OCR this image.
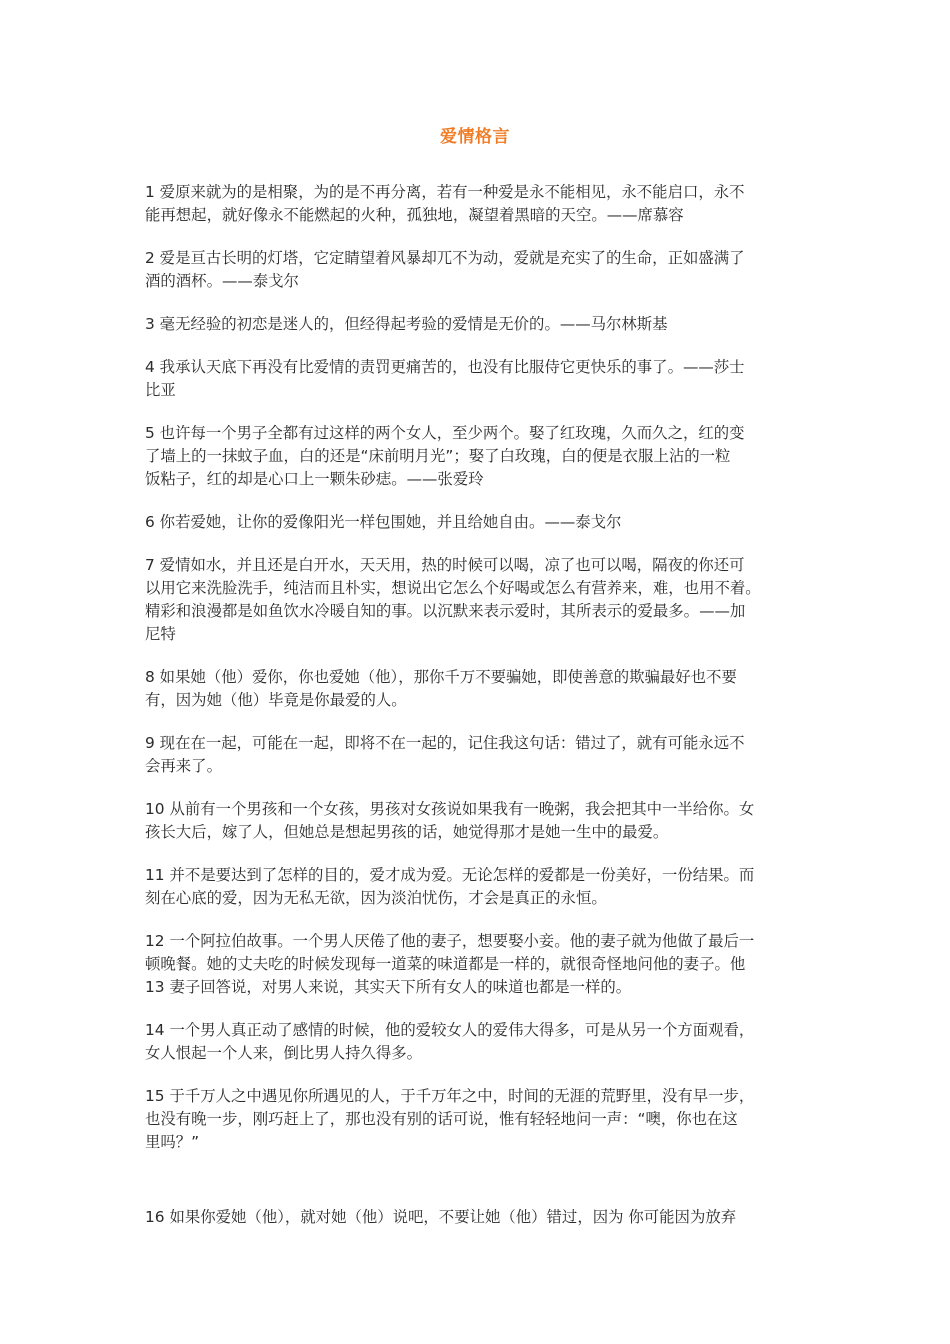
爱情格言

1 爱原来就为的是相聚，为的是不再分离，若有一种爱是永不能相见，永不能启口，永不
能再想起，就好像永不能燃起的火种，孤独地，凝望着黑暗的天空。——席慕容

2 爱是亘古长明的灯塔，它定睛望着风暴却兀不为动，爱就是充实了的生命，正如盛满了
酒的酒杯。——泰戈尔

3 毫无经验的初恋是迷人的，但经得起考验的爱情是无价的。——马尔林斯基

4 我承认天底下再没有比爱情的责罚更痛苦的，也没有比服侍它更快乐的事了。——莎士
比亚

5 也许每一个男子全都有过这样的两个女人，至少两个。娶了红玫瑰，久而久之，红的变
了墙上的一抹蚊子血，白的还是“床前明月光”；娶了白玫瑰，白的便是衣服上沾的一粒
饭粘子，红的却是心口上一颗朱砂痣。——张爱玲

6 你若爱她，让你的爱像阳光一样包围她，并且给她自由。——泰戈尔

7 爱情如水，并且还是白开水，天天用，热的时候可以喝，凉了也可以喝，隔夜的你还可
以用它来洗脸洗手，纯洁而且朴实，想说出它怎么个好喝或怎么有营养来，难，也用不着。
精彩和浪漫都是如鱼饮水冷暖自知的事。以沉默来表示爱时，其所表示的爱最多。——加
尼特

8 如果她（他）爱你，你也爱她（他），那你千万不要骗她，即使善意的欺骗最好也不要
有，因为她（他）毕竟是你最爱的人。

9 现在在一起，可能在一起，即将不在一起的，记住我这句话：错过了，就有可能永远不
会再来了。

10 从前有一个男孩和一个女孩，男孩对女孩说如果我有一晚粥，我会把其中一半给你。女
孩长大后，嫁了人，但她总是想起男孩的话，她觉得那才是她一生中的最爱。

11 并不是要达到了怎样的目的，爱才成为爱。无论怎样的爱都是一份美好，一份结果。而
刻在心底的爱，因为无私无欲，因为淡泊忧伤，才会是真正的永恒。

12 一个阿拉伯故事。一个男人厌倦了他的妻子，想要娶小妾。他的妻子就为他做了最后一
顿晚餐。她的丈夫吃的时候发现每一道菜的味道都是一样的，就很奇怪地问他的妻子。他
13 妻子回答说，对男人来说，其实天下所有女人的味道也都是一样的。

14 一个男人真正动了感情的时候，他的爱较女人的爱伟大得多，可是从另一个方面观看，
女人恨起一个人来，倒比男人持久得多。

15 于千万人之中遇见你所遇见的人，于千万年之中，时间的无涯的荒野里，没有早一步，
也没有晚一步，刚巧赶上了，那也没有别的话可说，惟有轻轻地问一声：“噢，你也在这
里吗？”

16 如果你爱她（他），就对她（他）说吧，不要让她（他）错过，因为 你可能因为放弃
